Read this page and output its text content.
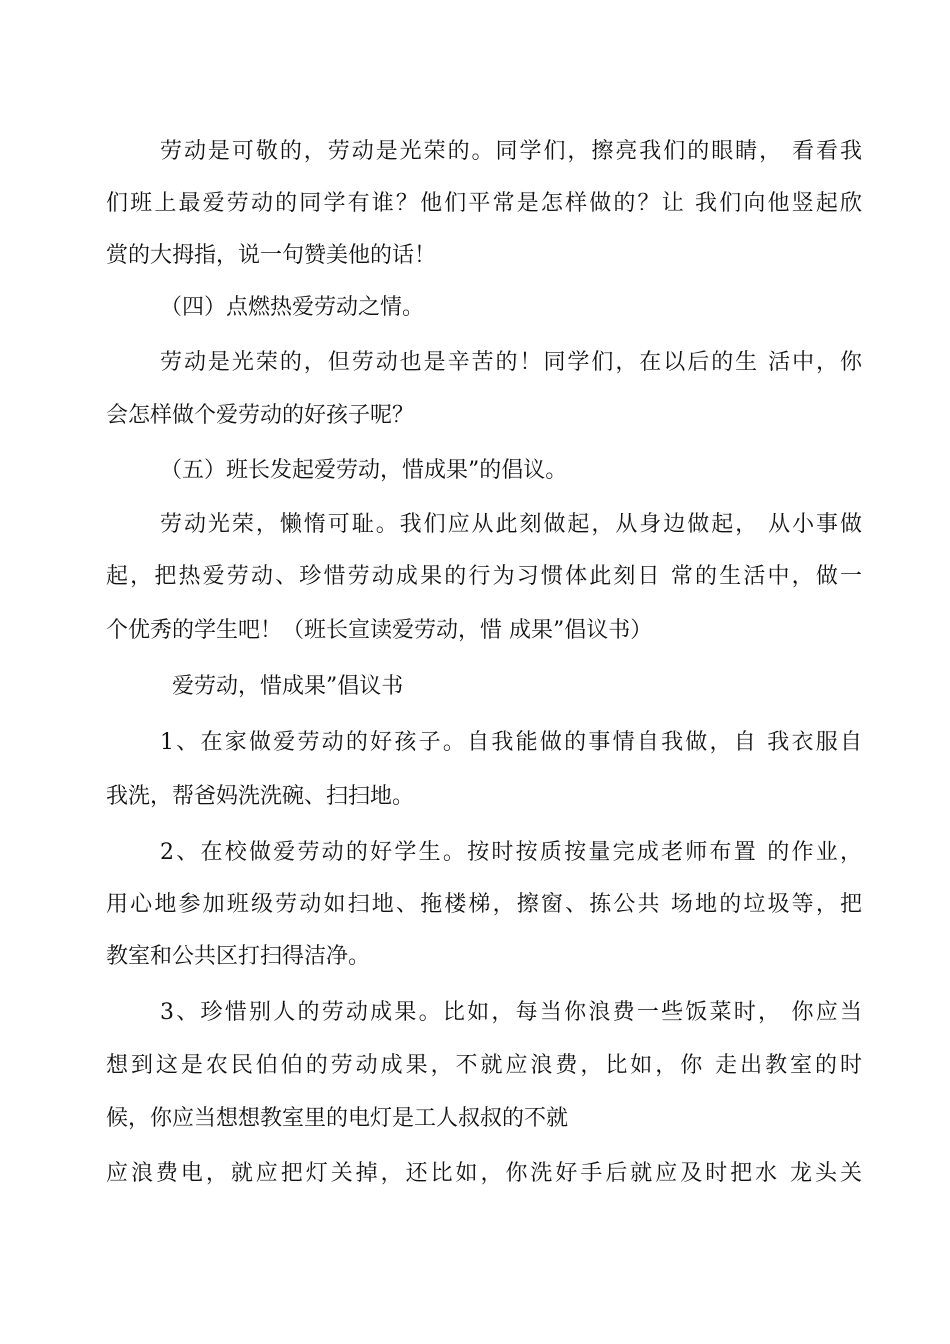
劳动是可敬的，劳动是光荣的。同学们，擦亮我们的眼睛， 看看我
们班上最爱劳动的同学有谁？他们平常是怎样做的？让 我们向他竖起欣
赏的大拇指，说一句赞美他的话！
（四）点燃热爱劳动之情。
劳动是光荣的，但劳动也是辛苦的！同学们，在以后的生 活中，你
会怎样做个爱劳动的好孩子呢？
（五）班长发起爱劳动，惜成果”的倡议。
劳动光荣，懒惰可耻。我们应从此刻做起，从身边做起， 从小事做
起，把热爱劳动、珍惜劳动成果的行为习惯体此刻日 常的生活中，做一
个优秀的学生吧！（班长宣读爱劳动，惜 成果”倡议书）
爱劳动，惜成果”倡议书
1、在家做爱劳动的好孩子。自我能做的事情自我做，自 我衣服自
我洗，帮爸妈洗洗碗、扫扫地。
2、在校做爱劳动的好学生。按时按质按量完成老师布置 的作业，
用心地参加班级劳动如扫地、拖楼梯，擦窗、拣公共 场地的垃圾等，把
教室和公共区打扫得洁净。
3、珍惜别人的劳动成果。比如，每当你浪费一些饭菜时， 你应当
想到这是农民伯伯的劳动成果，不就应浪费，比如，你 走出教室的时
候，你应当想想教室里的电灯是工人叔叔的不就
应浪费电，就应把灯关掉，还比如，你洗好手后就应及时把水 龙头关
